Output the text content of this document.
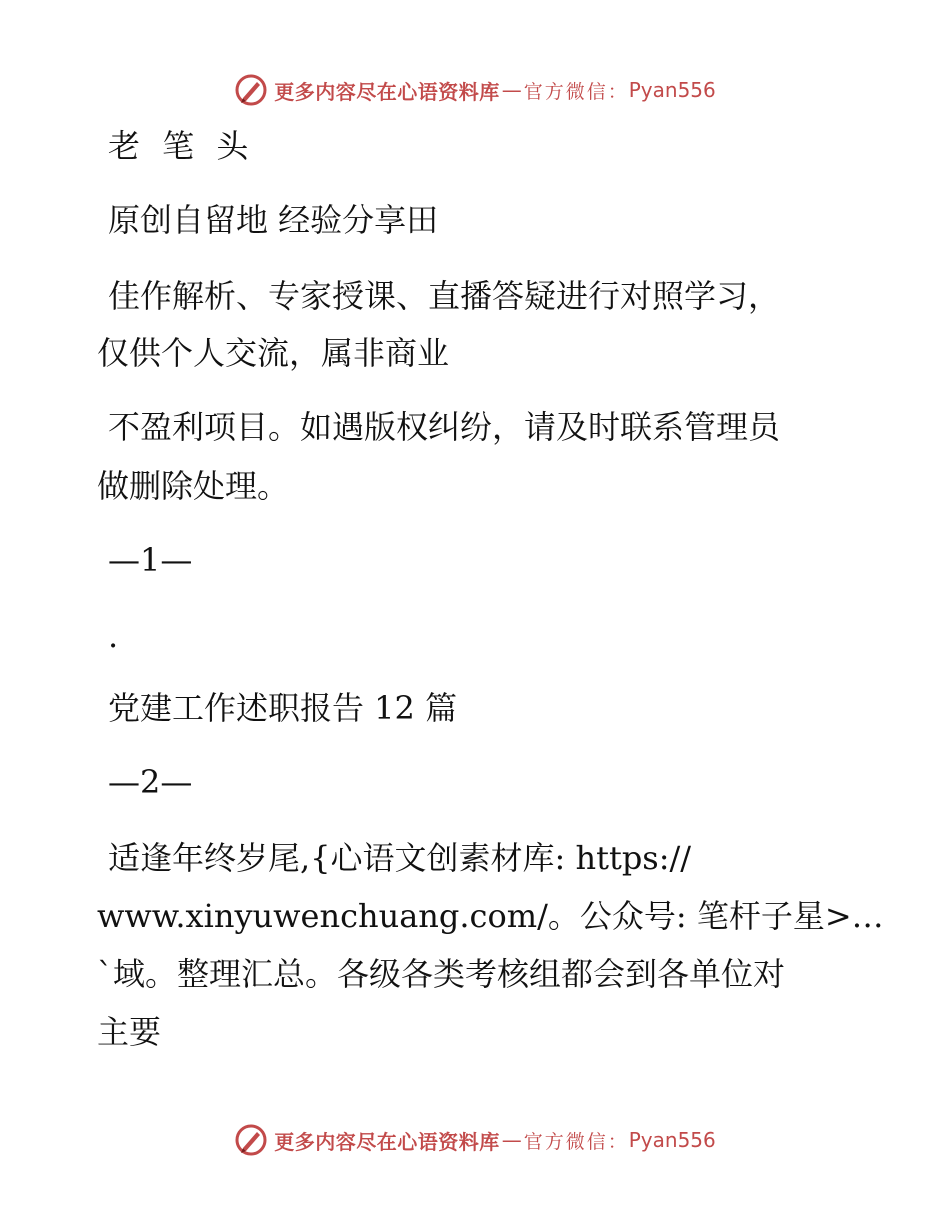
更多内容尽在心语资料库 — 官方微信： Pyan556
老 笔 头
原创自留地 经验分享田
佳作解析、专家授课、直播答疑进行对照学习，
仅供个人交流，属非商业
不盈利项目。如遇版权纠纷，请及时联系管理员
做删除处理。
—1—
.
党建工作述职报告 12 篇
—2—
适逢年终岁尾,{心语文创素材库: https://
www.xinyuwenchuang.com/。公众号: 笔杆子星>…
`域。整理汇总。各级各类考核组都会到各单位对
主要
更多内容尽在心语资料库 — 官方微信： Pyan556
